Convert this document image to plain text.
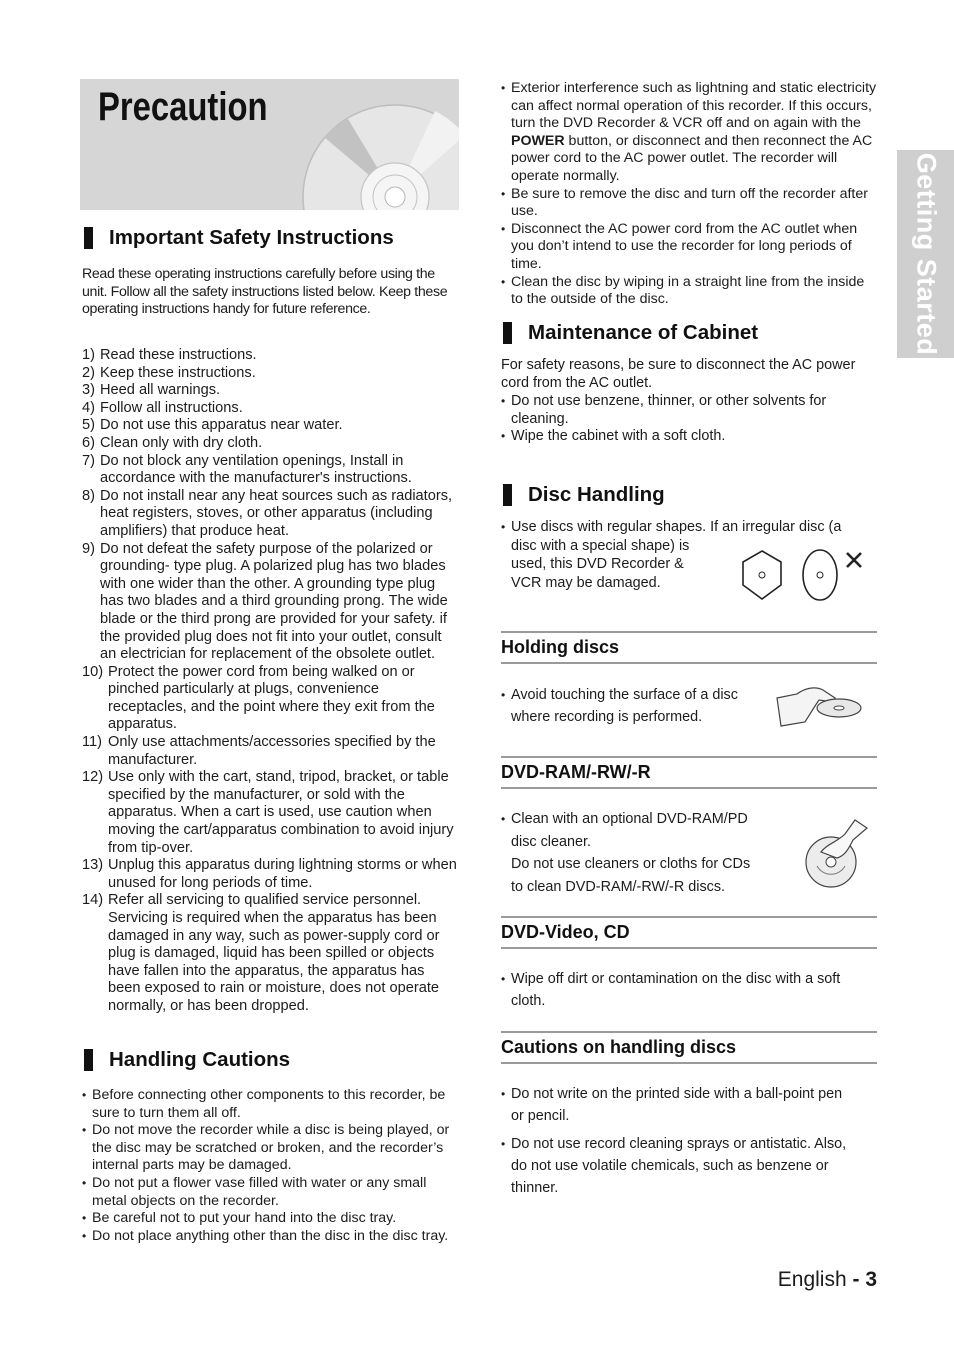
Precaution
Getting Started
Important Safety Instructions

Read these operating instructions carefully before using the unit. Follow all the safety instructions listed below. Keep these operating instructions handy for future reference.

1) Read these instructions.
2) Keep these instructions.
3) Heed all warnings.
4) Follow all instructions.
5) Do not use this apparatus near water.
6) Clean only with dry cloth.
7) Do not block any ventilation openings, Install in accordance with the manufacturer's instructions.
8) Do not install near any heat sources such as radiators, heat registers, stoves, or other apparatus (including amplifiers) that produce heat.
9) Do not defeat the safety purpose of the polarized or grounding- type plug. A polarized plug has two blades with one wider than the other. A grounding type plug has two blades and a third grounding prong. The wide blade or the third prong are provided for your safety. if the provided plug does not fit into your outlet, consult an electrician for replacement of the obsolete outlet.
10) Protect the power cord from being walked on or pinched particularly at plugs, convenience receptacles, and the point where they exit from the apparatus.
11) Only use attachments/accessories specified by the manufacturer.
12) Use only with the cart, stand, tripod, bracket, or table specified by the manufacturer, or sold with the apparatus. When a cart is used, use caution when moving the cart/apparatus combination to avoid injury from tip-over.
13) Unplug this apparatus during lightning storms or when unused for long periods of time.
14) Refer all servicing to qualified service personnel. Servicing is required when the apparatus has been damaged in any way, such as power-supply cord or plug is damaged, liquid has been spilled or objects have fallen into the apparatus, the apparatus has been exposed to rain or moisture, does not operate normally, or has been dropped.
Handling Cautions
• Before connecting other components to this recorder, be sure to turn them all off.
• Do not move the recorder while a disc is being played, or the disc may be scratched or broken, and the recorder’s internal parts may be damaged.
• Do not put a flower vase filled with water or any small metal objects on the recorder.
• Be careful not to put your hand into the disc tray.
• Do not place anything other than the disc in the disc tray.
• Exterior interference such as lightning and static electricity can affect normal operation of this recorder. If this occurs, turn the DVD Recorder & VCR off and on again with the POWER button, or disconnect and then reconnect the AC power cord to the AC power outlet. The recorder will operate normally.
• Be sure to remove the disc and turn off the recorder after use.
• Disconnect the AC power cord from the AC outlet when you don’t intend to use the recorder for long periods of time.
• Clean the disc by wiping in a straight line from the inside to the outside of the disc.
Maintenance of Cabinet

For safety reasons, be sure to disconnect the AC power cord from the AC outlet.

• Do not use benzene, thinner, or other solvents for cleaning.
• Wipe the cabinet with a soft cloth.
Disc Handling
• Use discs with regular shapes. If an irregular disc (a
disc with a special shape) is
used, this DVD Recorder &
VCR may be damaged.
Holding discs
• Avoid touching the surface of a disc
where recording is performed.
DVD-RAM/-RW/-R
• Clean with an optional DVD-RAM/PD
disc cleaner.
Do not use cleaners or cloths for CDs
to clean DVD-RAM/-RW/-R discs.
DVD-Video, CD
• Wipe off dirt or contamination on the disc with a soft
cloth.
Cautions on handling discs
• Do not write on the printed side with a ball-point pen
or pencil.
• Do not use record cleaning sprays or antistatic. Also,
do not use volatile chemicals, such as benzene or
thinner.
English - 3
